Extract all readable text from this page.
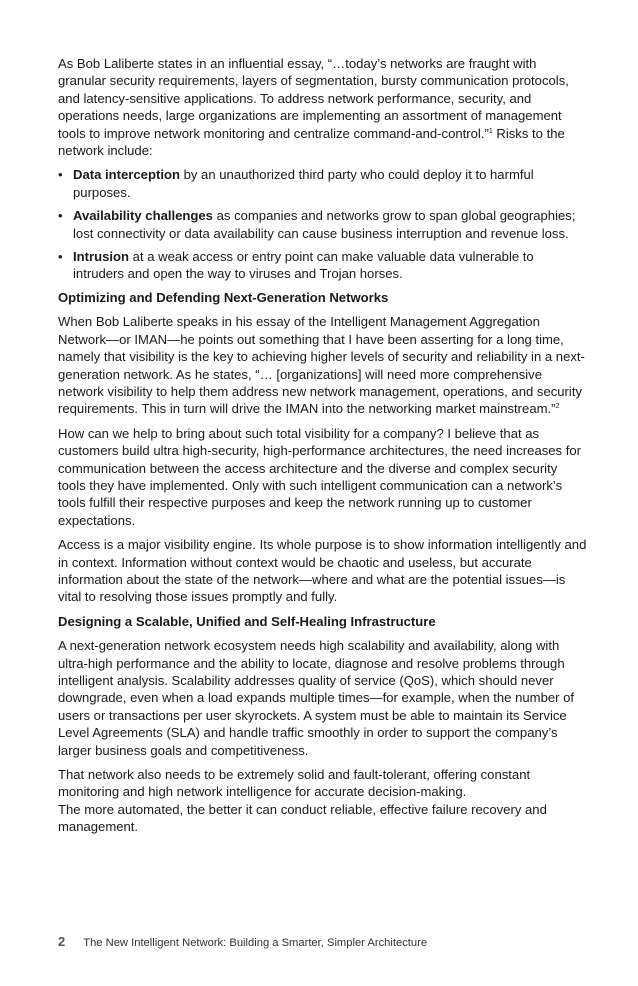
As Bob Laliberte states in an influential essay, “…today’s networks are fraught with granular security requirements, layers of segmentation, bursty communication protocols, and latency-sensitive applications. To address network performance, security, and operations needs, large organizations are implementing an assortment of management tools to improve network monitoring and centralize command-and-control.”$^1$ Risks to the network include:

• Data interception by an unauthorized third party who could deploy it to harmful purposes.
• Availability challenges as companies and networks grow to span global geographies; lost connectivity or data availability can cause business interruption and revenue loss.
• Intrusion at a weak access or entry point can make valuable data vulnerable to intruders and open the way to viruses and Trojan horses.
Optimizing and Defending Next-Generation Networks

When Bob Laliberte speaks in his essay of the Intelligent Management Aggregation Network—or IMAN—he points out something that I have been asserting for a long time, namely that visibility is the key to achieving higher levels of security and reliability in a next-generation network. As he states, “… [organizations] will need more comprehensive network visibility to help them address new network management, operations, and security requirements. This in turn will drive the IMAN into the networking market mainstream.”$^2$

How can we help to bring about such total visibility for a company? I believe that as customers build ultra high-security, high-performance architectures, the need increases for communication between the access architecture and the diverse and complex security tools they have implemented. Only with such intelligent communication can a network’s tools fulfill their respective purposes and keep the network running up to customer expectations.

Access is a major visibility engine. Its whole purpose is to show information intelligently and in context. Information without context would be chaotic and useless, but accurate information about the state of the network—where and what are the potential issues—is vital to resolving those issues promptly and fully.

Designing a Scalable, Unified and Self-Healing Infrastructure

A next-generation network ecosystem needs high scalability and availability, along with ultra-high performance and the ability to locate, diagnose and resolve problems through intelligent analysis. Scalability addresses quality of service (QoS), which should never downgrade, even when a load expands multiple times—for example, when the number of users or transactions per user skyrockets. A system must be able to maintain its Service Level Agreements (SLA) and handle traffic smoothly in order to support the company’s larger business goals and competitiveness.

That network also needs to be extremely solid and fault-tolerant, offering constant monitoring and high network intelligence for accurate decision-making.
The more automated, the better it can conduct reliable, effective failure recovery and management.

2 The New Intelligent Network: Building a Smarter, Simpler Architecture
